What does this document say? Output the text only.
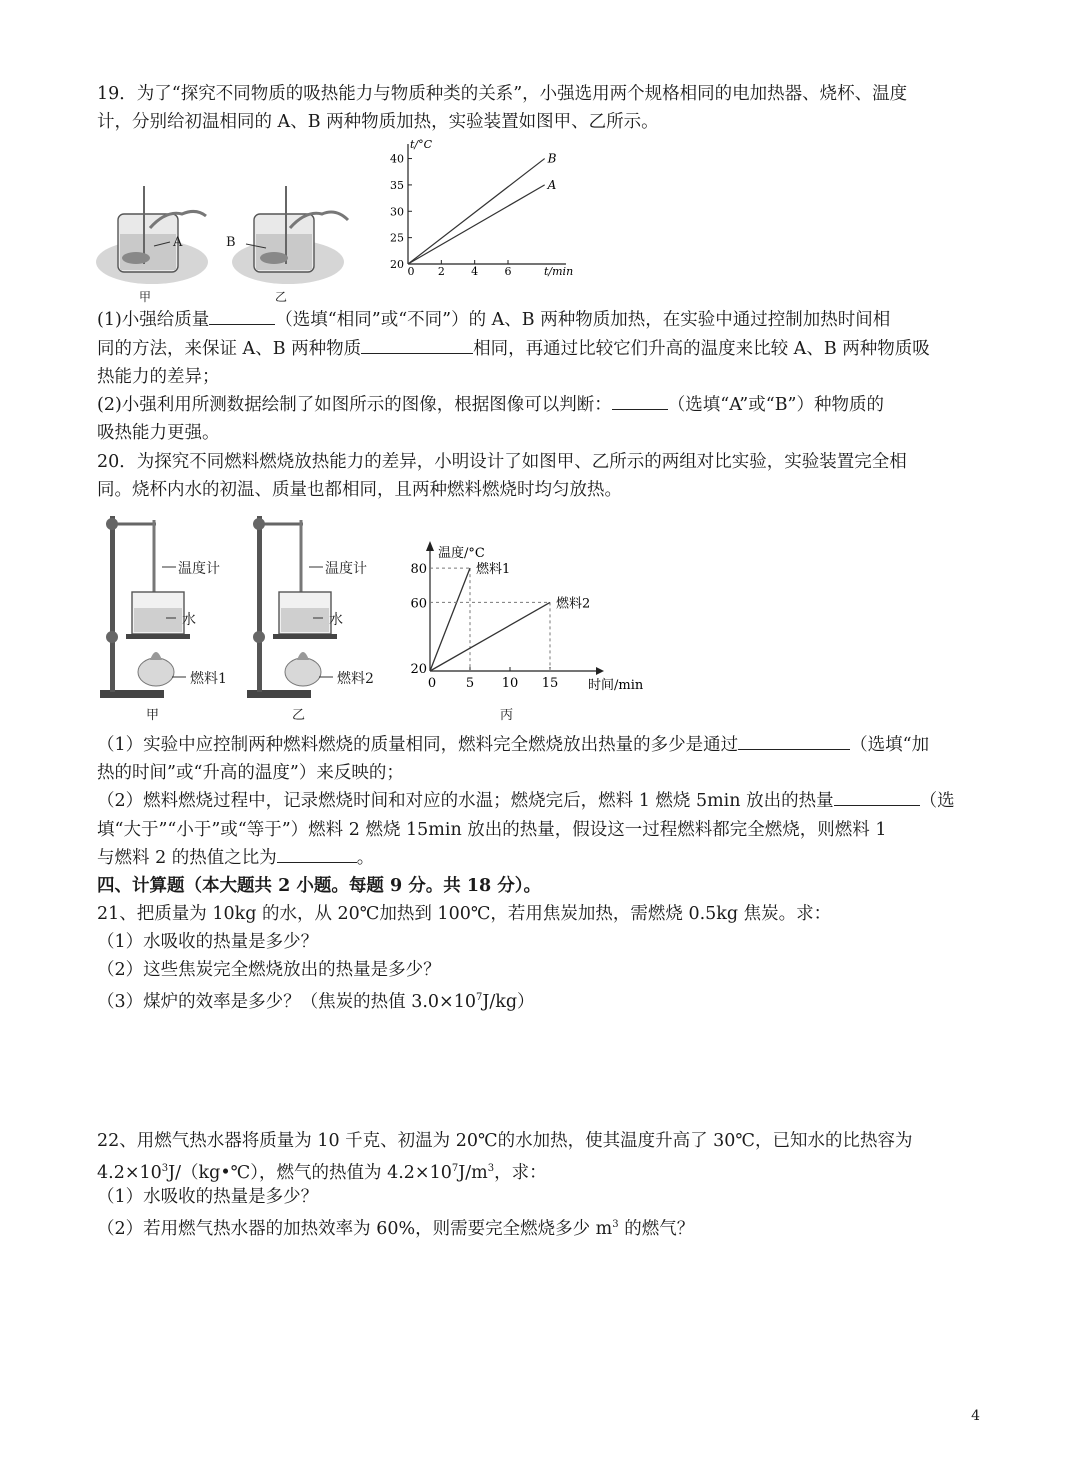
19．为了“探究不同物质的吸热能力与物质种类的关系”，小强选用两个规格相同的电加热器、烧杯、温度
计，分别给初温相同的 A、B 两种物质加热，实验装置如图甲、乙所示。
A	B
甲	乙
t/°C
t/min
20
25
30
35
40
0 2 4 6
B
A
(1)小强给质量	（选填“相同”或“不同”）的 A、B 两种物质加热，在实验中通过控制加热时间相
同的方法，来保证 A、B 两种物质	相同，再通过比较它们升高的温度来比较 A、B 两种物质吸
热能力的差异；
(2)小强利用所测数据绘制了如图所示的图像，根据图像可以判断：	（选填“A”或“B”）种物质的
吸热能力更强。
20．为探究不同燃料燃烧放热能力的差异，小明设计了如图甲、乙所示的两组对比实验，实验装置完全相
同。烧杯内水的初温、质量也都相同，且两种燃料燃烧时均匀放热。
温度计
水
燃料1
甲
温度计
水
燃料2
乙
温度/°C
时间/min
20
60
80
0 5 10 15
燃料1
燃料2
丙
（1）实验中应控制两种燃料燃烧的质量相同，燃料完全燃烧放出热量的多少是通过	（选填“加
热的时间”或“升高的温度”）来反映的；
（2）燃料燃烧过程中，记录燃烧时间和对应的水温；燃烧完后，燃料 1 燃烧 5min 放出的热量	（选
填“大于”“小于”或“等于”）燃料 2 燃烧 15min 放出的热量，假设这一过程燃料都完全燃烧，则燃料 1
与燃料 2 的热值之比为	。
四、计算题（本大题共 2 小题。每题 9 分。共 18 分）。
21、把质量为 10kg 的水，从 20℃加热到 100℃，若用焦炭加热，需燃烧 0.5kg 焦炭。求：
（1）水吸收的热量是多少？
（2）这些焦炭完全燃烧放出的热量是多少？
（3）煤炉的效率是多少？（焦炭的热值 $3.0\times 10^7J/kg$）
22、用燃气热水器将质量为 10 千克、初温为 20℃的水加热，使其温度升高了 30℃，已知水的比热容为
$4.2\times 10^3J/(kg•℃)$，燃气的热值为 $4.2\times 10^7J/m^3$，求：
（1）水吸收的热量是多少？
（2）若用燃气热水器的加热效率为 60%，则需要完全燃烧多少 $m^3$ 的燃气？
4
